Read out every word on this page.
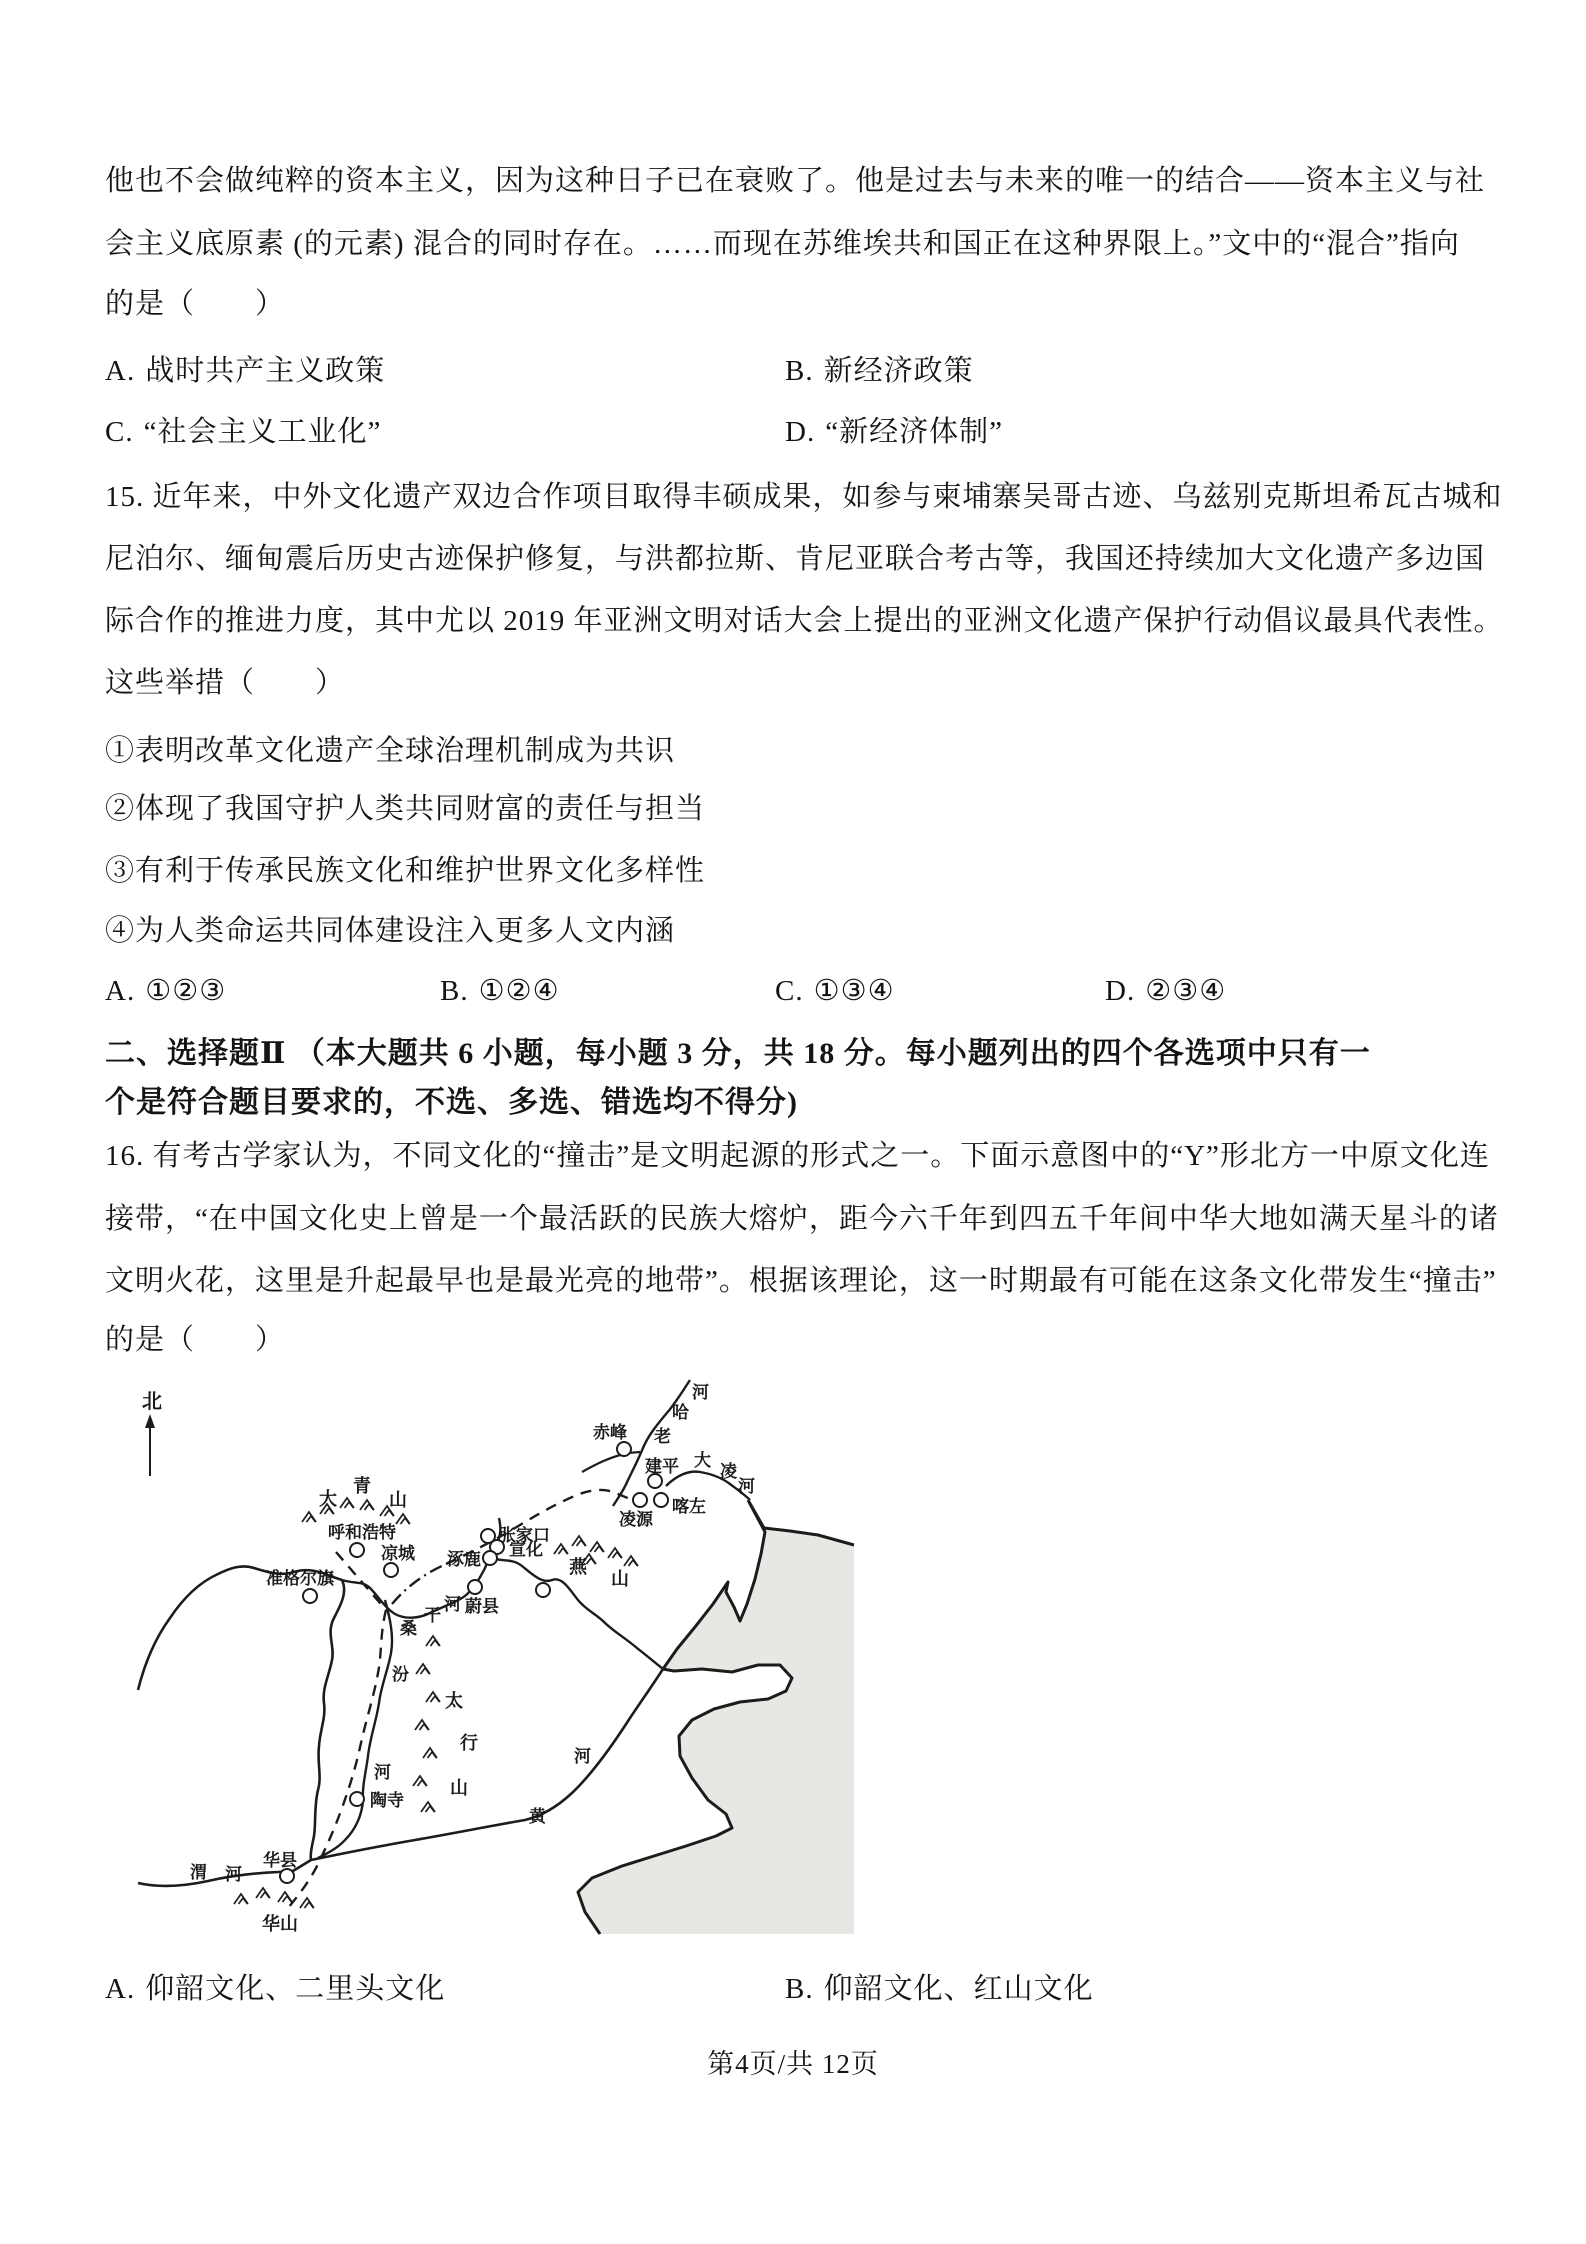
他也不会做纯粹的资本主义，因为这种日子已在衰败了。他是过去与未来的唯一的结合——资本主义与社
会主义底原素 (的元素) 混合的同时存在。……而现在苏维埃共和国正在这种界限上。”文中的“混合”指向
的是（　　）
A. 战时共产主义政策	B. 新经济政策
C. “社会主义工业化”	D. “新经济体制”
15. 近年来，中外文化遗产双边合作项目取得丰硕成果，如参与柬埔寨吴哥古迹、乌兹别克斯坦希瓦古城和
尼泊尔、缅甸震后历史古迹保护修复，与洪都拉斯、肯尼亚联合考古等，我国还持续加大文化遗产多边国
际合作的推进力度，其中尤以 2019 年亚洲文明对话大会上提出的亚洲文化遗产保护行动倡议最具代表性。
这些举措（　　）
①表明改革文化遗产全球治理机制成为共识
②体现了我国守护人类共同财富的责任与担当
③有利于传承民族文化和维护世界文化多样性
④为人类命运共同体建设注入更多人文内涵
A. ①②③	B. ①②④	C. ①③④	D. ②③④
二、选择题Ⅱ （本大题共 6 小题，每小题 3 分，共 18 分。每小题列出的四个各选项中只有一
个是符合题目要求的，不选、多选、错选均不得分)
16. 有考古学家认为，不同文化的“撞击”是文明起源的形式之一。下面示意图中的“Y”形北方一中原文化连
接带，“在中国文化史上曾是一个最活跃的民族大熔炉，距今六千年到四五千年间中华大地如满天星斗的诸
文明火花，这里是升起最早也是最光亮的地带”。根据该理论，这一时期最有可能在这条文化带发生“撞击”
的是（　　）
北
呼和浩特
凉城
准格尔旗
张家口
宣化
涿鹿
蔚县
赤峰
建平
凌源
喀左
陶寺
华县
老
哈
河
大
凌
河
桑
干
河
汾
河
渭 河
黄
河
大
青
山
燕
山
太
行
山
华山
A. 仰韶文化、二里头文化	B. 仰韶文化、红山文化
第4页/共 12页
